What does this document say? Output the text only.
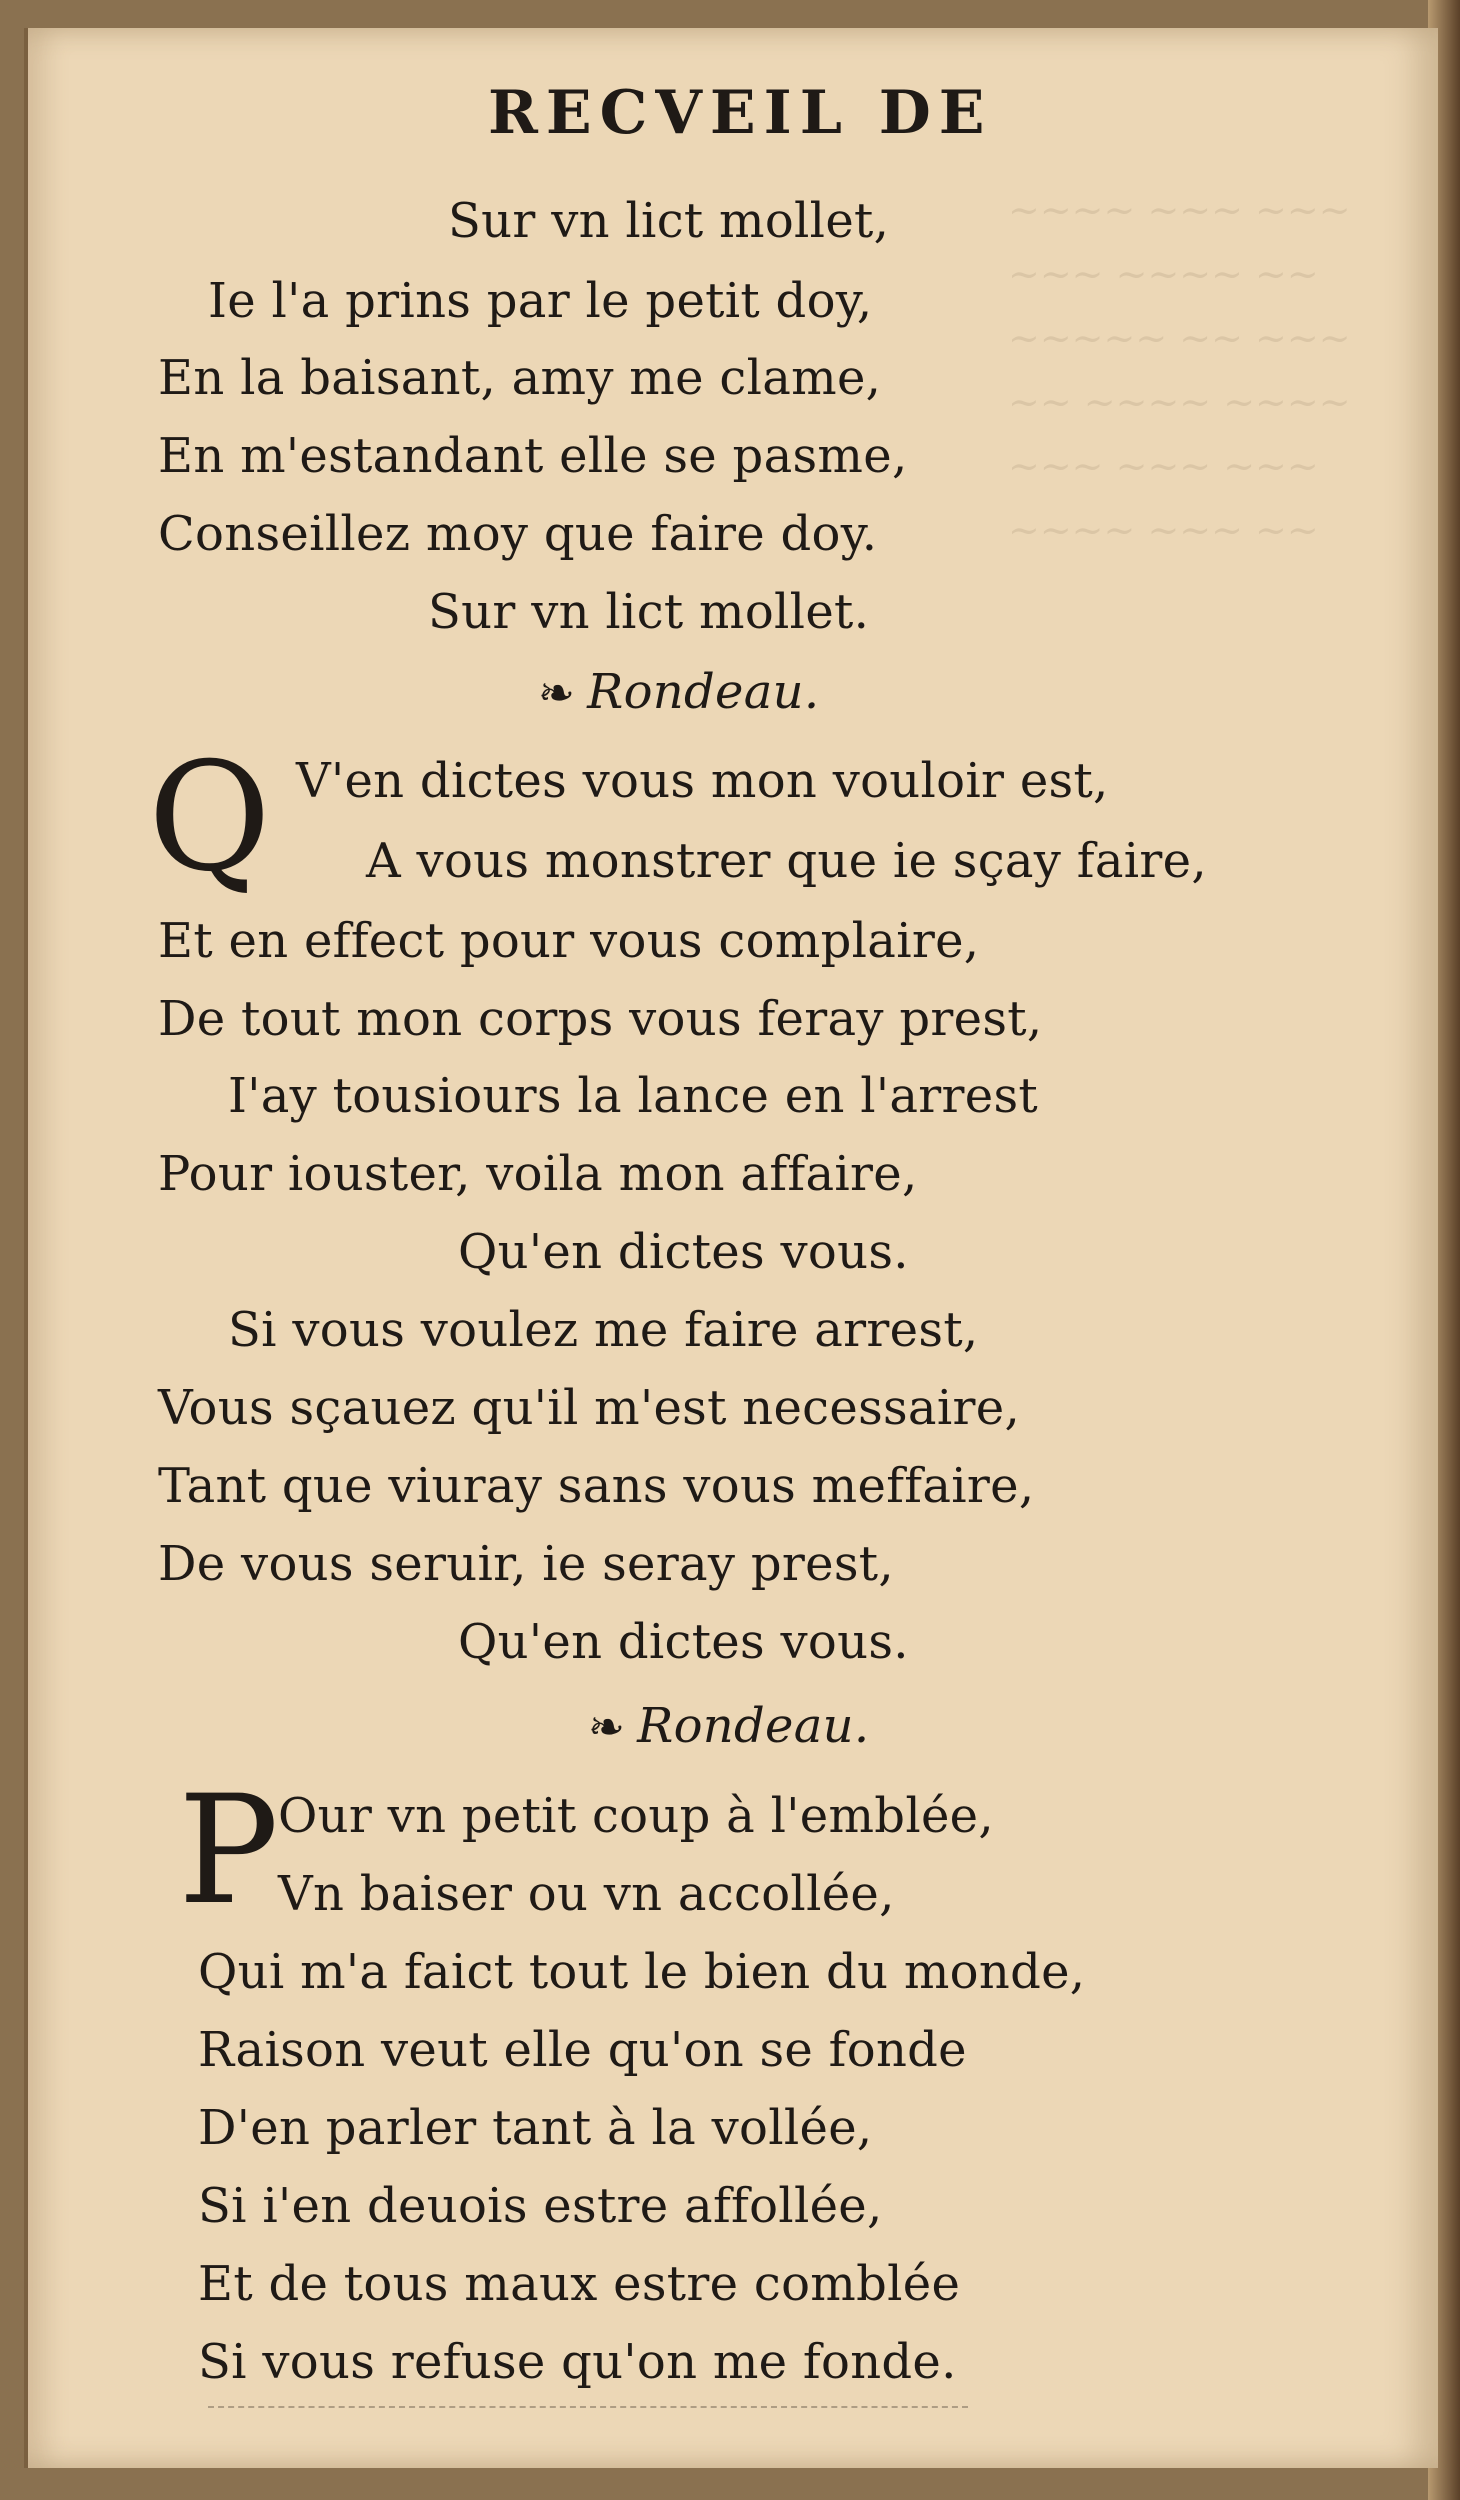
~~~~ ~~~ ~~~
~~~ ~~~~ ~~
~~~~~ ~~ ~~~
~~ ~~~~ ~~~~
~~~ ~~~ ~~~
~~~~ ~~~ ~~
RECVEIL DE
Sur vn lict mollet,
Ie l'a prins par le petit doy,
En la baisant, amy me clame,
En m'estandant elle se pasme,
Conseillez moy que faire doy.
Sur vn lict mollet.
❧ Rondeau.
Q V'en dictes vous mon vouloir est,
A vous monstrer que ie sçay faire,
Et en effect pour vous complaire,
De tout mon corps vous feray prest,
I'ay tousiours la lance en l'arrest
Pour iouster, voila mon affaire,
Qu'en dictes vous.
Si vous voulez me faire arrest,
Vous sçauez qu'il m'est necessaire,
Tant que viuray sans vous meffaire,
De vous seruir, ie seray prest,
Qu'en dictes vous.
❧ Rondeau.
P Our vn petit coup à l'emblée,
Vn baiser ou vn accollée,
Qui m'a faict tout le bien du monde,
Raison veut elle qu'on se fonde
D'en parler tant à la vollée,
Si i'en deuois estre affollée,
Et de tous maux estre comblée
Si vous refuse qu'on me fonde.
